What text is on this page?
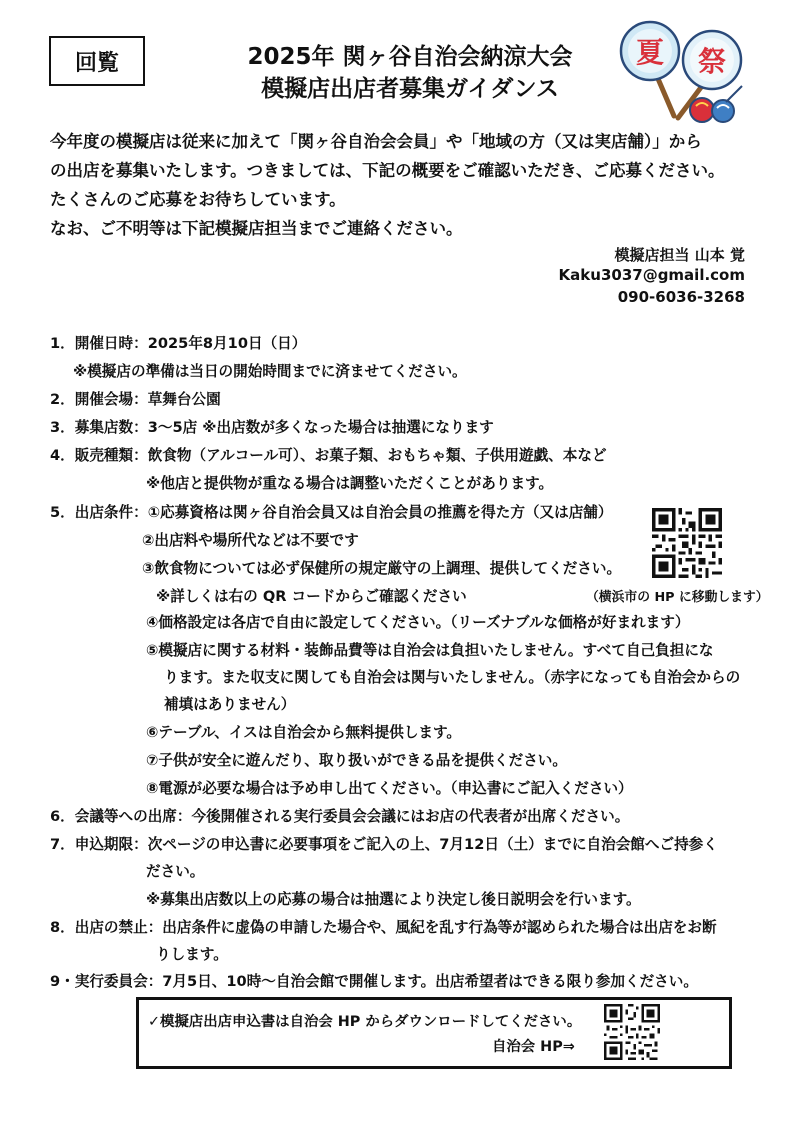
回覧	2025年 関ヶ谷自治会納涼大会
模擬店出店者募集ガイダンス
夏 祭
今年度の模擬店は従来に加えて「関ヶ谷自治会会員」や「地域の方（又は実店舗）」から
の出店を募集いたします。つきましては、下記の概要をご確認いただき、ご応募ください。
たくさんのご応募をお待ちしています。
なお、ご不明等は下記模擬店担当までご連絡ください。
模擬店担当 山本 覚
Kaku3037@gmail.com
090-6036-3268
1．開催日時：2025年8月10日（日）
※模擬店の準備は当日の開始時間までに済ませてください。
2．開催会場：草舞台公園
3．募集店数：3～5店 ※出店数が多くなった場合は抽選になります
4．販売種類：飲食物（アルコール可）、お菓子類、おもちゃ類、子供用遊戯、本など
※他店と提供物が重なる場合は調整いただくことがあります。
5．出店条件：①応募資格は関ヶ谷自治会員又は自治会員の推薦を得た方（又は店舗）
②出店料や場所代などは不要です
③飲食物については必ず保健所の規定厳守の上調理、提供してください。
※詳しくは右の QR コードからご確認ください	（横浜市の HP に移動します）
④価格設定は各店で自由に設定してください。（リーズナブルな価格が好まれます）
⑤模擬店に関する材料・装飾品費等は自治会は負担いたしません。すべて自己負担にな
ります。また収支に関しても自治会は関与いたしません。（赤字になっても自治会からの
補填はありません）
⑥テーブル、イスは自治会から無料提供します。
⑦子供が安全に遊んだり、取り扱いができる品を提供ください。
⑧電源が必要な場合は予め申し出てください。（申込書にご記入ください）
6．会議等への出席：今後開催される実行委員会会議にはお店の代表者が出席ください。
7．申込期限：次ページの申込書に必要事項をご記入の上、7月12日（土）までに自治会館へご持参く
ださい。
※募集出店数以上の応募の場合は抽選により決定し後日説明会を行います。
8．出店の禁止：出店条件に虚偽の申請した場合や、風紀を乱す行為等が認められた場合は出店をお断
りします。
9・実行委員会：7月5日、10時～自治会館で開催します。出店希望者はできる限り参加ください。
✓模擬店出店申込書は自治会 HP からダウンロードしてください。
自治会 HP⇒
